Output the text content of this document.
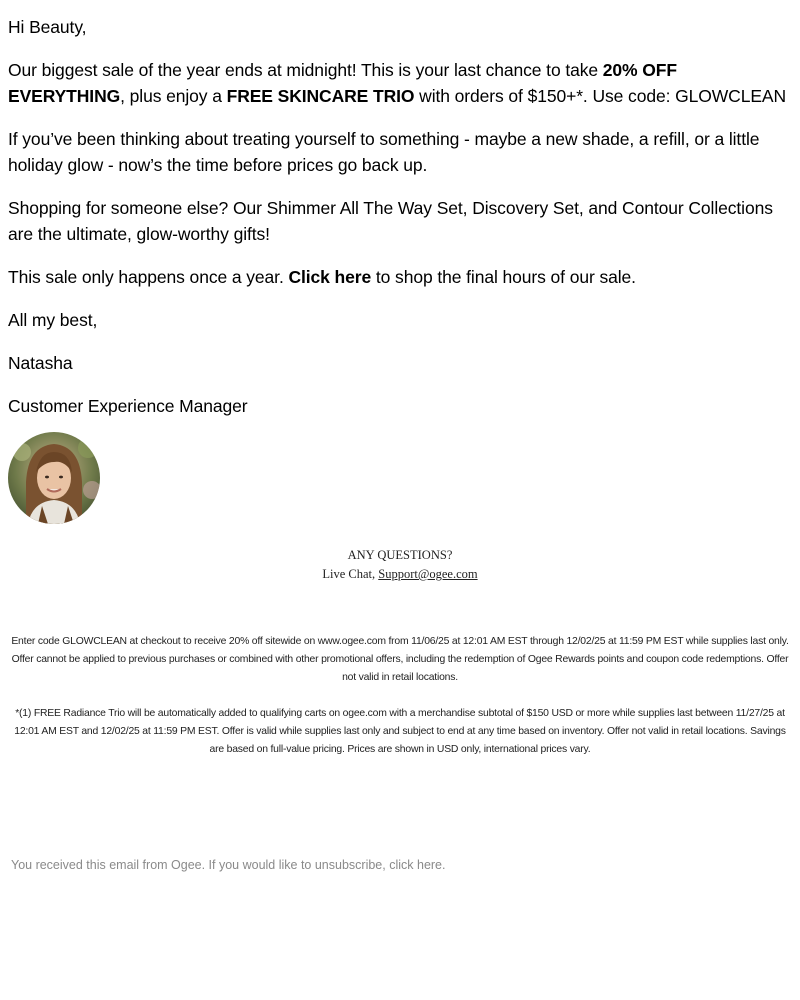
Hi Beauty,

Our biggest sale of the year ends at midnight! This is your last chance to take 20% OFF EVERYTHING, plus enjoy a FREE SKINCARE TRIO with orders of $150+*. Use code: GLOWCLEAN

If you’ve been thinking about treating yourself to something - maybe a new shade, a refill, or a little holiday glow - now’s the time before prices go back up.

Shopping for someone else? Our Shimmer All The Way Set, Discovery Set, and Contour Collections are the ultimate, glow-worthy gifts!

This sale only happens once a year. Click here to shop the final hours of our sale.

All my best,

Natasha

Customer Experience Manager

ANY QUESTIONS?
Live Chat, Support@ogee.com
Enter code GLOWCLEAN at checkout to receive 20% off sitewide on www.ogee.com from 11/06/25 at 12:01 AM EST through 12/02/25 at 11:59 PM EST while supplies last only. Offer cannot be applied to previous purchases or combined with other promotional offers, including the redemption of Ogee Rewards points and coupon code redemptions. Offer not valid in retail locations.
*(1) FREE Radiance Trio will be automatically added to qualifying carts on ogee.com with a merchandise subtotal of $150 USD or more while supplies last between 11/27/25 at 12:01 AM EST and 12/02/25 at 11:59 PM EST. Offer is valid while supplies last only and subject to end at any time based on inventory. Offer not valid in retail locations. Savings are based on full-value pricing. Prices are shown in USD only, international prices vary.
You received this email from Ogee. If you would like to unsubscribe, click here.
